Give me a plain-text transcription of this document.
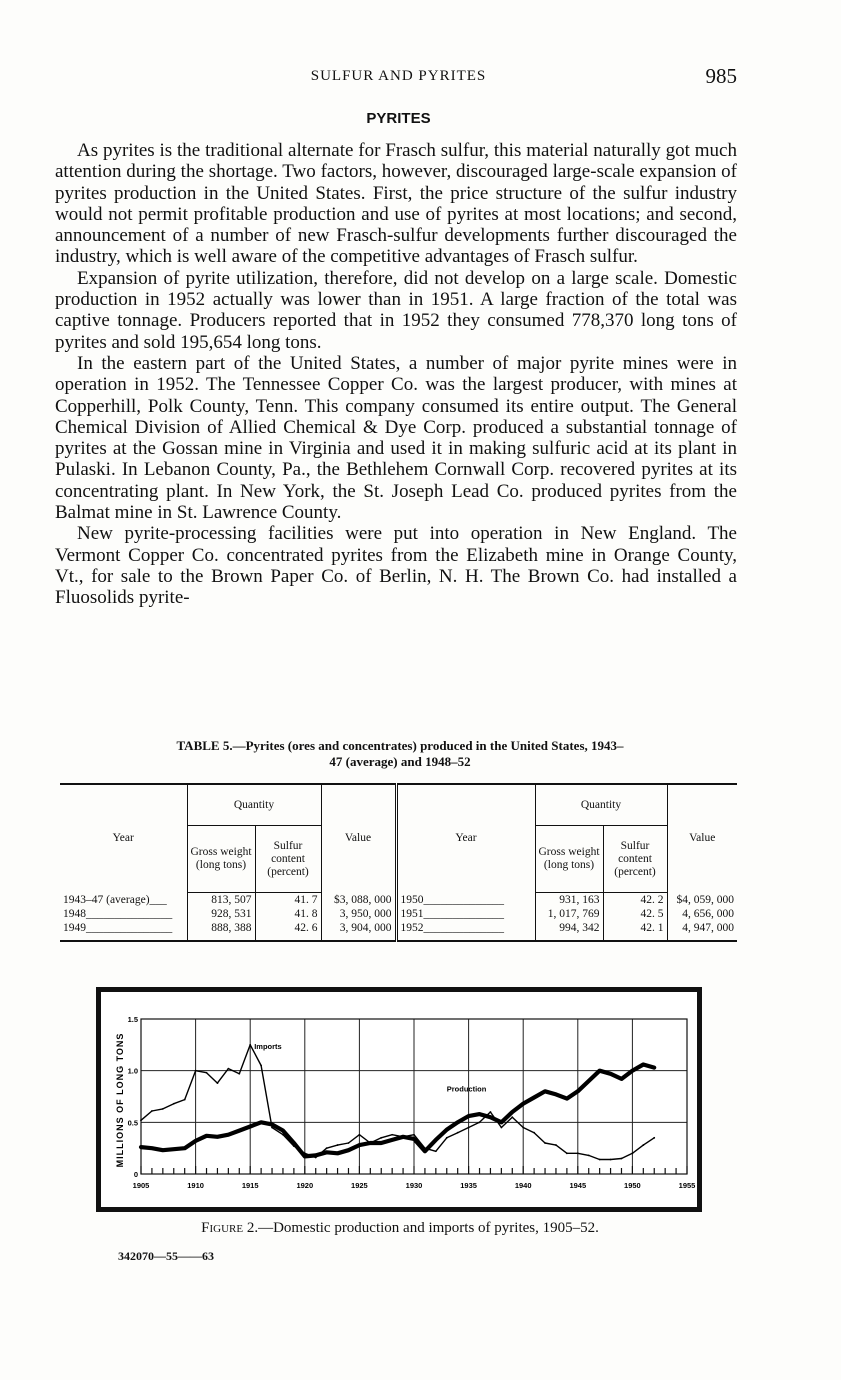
SULFUR AND PYRITES	985
PYRITES

As pyrites is the traditional alternate for Frasch sulfur, this material naturally got much attention during the shortage. Two factors, however, discouraged large-scale expansion of pyrites production in the United States. First, the price structure of the sulfur industry would not permit profitable production and use of pyrites at most locations; and second, announcement of a number of new Frasch-sulfur developments further discouraged the industry, which is well aware of the competitive advantages of Frasch sulfur.

Expansion of pyrite utilization, therefore, did not develop on a large scale. Domestic production in 1952 actually was lower than in 1951. A large fraction of the total was captive tonnage. Producers reported that in 1952 they consumed 778,370 long tons of pyrites and sold 195,654 long tons.

In the eastern part of the United States, a number of major pyrite mines were in operation in 1952. The Tennessee Copper Co. was the largest producer, with mines at Copperhill, Polk County, Tenn. This company consumed its entire output. The General Chemical Division of Allied Chemical & Dye Corp. produced a substantial tonnage of pyrites at the Gossan mine in Virginia and used it in making sulfuric acid at its plant in Pulaski. In Lebanon County, Pa., the Bethlehem Cornwall Corp. recovered pyrites at its concentrating plant. In New York, the St. Joseph Lead Co. produced pyrites from the Balmat mine in St. Lawrence County.

New pyrite-processing facilities were put into operation in New England. The Vermont Copper Co. concentrated pyrites from the Elizabeth mine in Orange County, Vt., for sale to the Brown Paper Co. of Berlin, N. H. The Brown Co. had installed a Fluosolids pyrite-

TABLE 5.—Pyrites (ores and concentrates) produced in the United States, 1943–
47 (average) and 1948–52
Year	Quantity		Value	Year	Quantity		Value
	Gross weight (long tons)	Sulfur content (percent)			Gross weight (long tons)	Sulfur content (percent)	
1943–47 (average)___	813, 507	41. 7	$3, 088, 000	1950______________	931, 163	42. 2	$4, 059, 000
1948_______________	928, 531	41. 8	3, 950, 000	1951______________	1, 017, 769	42. 5	4, 656, 000
1949_______________	888, 388	42. 6	3, 904, 000	1952______________	994, 342	42. 1	4, 947, 000
MILLIONS OF LONG TONS
1905	1910	1915	1920	1925	1930	1935	1940	1945	1950	1955
0
0.5
1.0
1.5
Imports
Production
Figure 2.—Domestic production and imports of pyrites, 1905–52.
342070—55——63
